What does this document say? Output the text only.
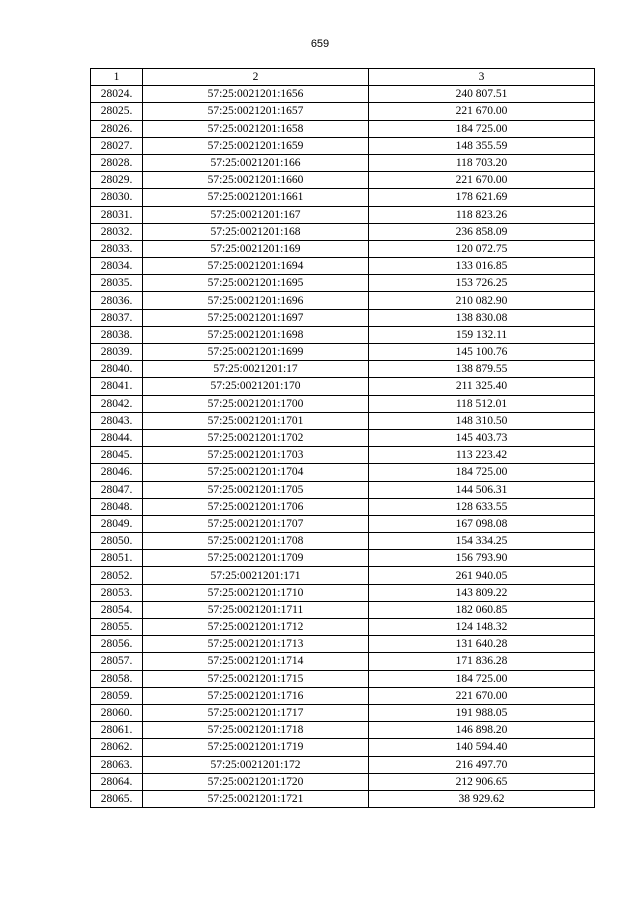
659
1	2	3
28024.	57:25:0021201:1656	240 807.51
28025.	57:25:0021201:1657	221 670.00
28026.	57:25:0021201:1658	184 725.00
28027.	57:25:0021201:1659	148 355.59
28028.	57:25:0021201:166	118 703.20
28029.	57:25:0021201:1660	221 670.00
28030.	57:25:0021201:1661	178 621.69
28031.	57:25:0021201:167	118 823.26
28032.	57:25:0021201:168	236 858.09
28033.	57:25:0021201:169	120 072.75
28034.	57:25:0021201:1694	133 016.85
28035.	57:25:0021201:1695	153 726.25
28036.	57:25:0021201:1696	210 082.90
28037.	57:25:0021201:1697	138 830.08
28038.	57:25:0021201:1698	159 132.11
28039.	57:25:0021201:1699	145 100.76
28040.	57:25:0021201:17	138 879.55
28041.	57:25:0021201:170	211 325.40
28042.	57:25:0021201:1700	118 512.01
28043.	57:25:0021201:1701	148 310.50
28044.	57:25:0021201:1702	145 403.73
28045.	57:25:0021201:1703	113 223.42
28046.	57:25:0021201:1704	184 725.00
28047.	57:25:0021201:1705	144 506.31
28048.	57:25:0021201:1706	128 633.55
28049.	57:25:0021201:1707	167 098.08
28050.	57:25:0021201:1708	154 334.25
28051.	57:25:0021201:1709	156 793.90
28052.	57:25:0021201:171	261 940.05
28053.	57:25:0021201:1710	143 809.22
28054.	57:25:0021201:1711	182 060.85
28055.	57:25:0021201:1712	124 148.32
28056.	57:25:0021201:1713	131 640.28
28057.	57:25:0021201:1714	171 836.28
28058.	57:25:0021201:1715	184 725.00
28059.	57:25:0021201:1716	221 670.00
28060.	57:25:0021201:1717	191 988.05
28061.	57:25:0021201:1718	146 898.20
28062.	57:25:0021201:1719	140 594.40
28063.	57:25:0021201:172	216 497.70
28064.	57:25:0021201:1720	212 906.65
28065.	57:25:0021201:1721	38 929.62
